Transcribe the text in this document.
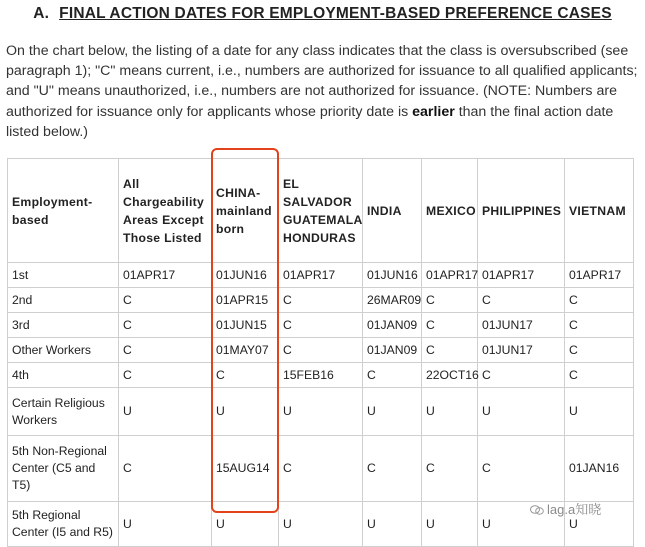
A. FINAL ACTION DATES FOR EMPLOYMENT-BASED PREFERENCE CASES

On the chart below, the listing of a date for any class indicates that the class is oversubscribed (see paragraph 1); "C" means current, i.e., numbers are authorized for issuance to all qualified applicants; and "U" means unauthorized, i.e., numbers are not authorized for issuance. (NOTE: Numbers are authorized for issuance only for applicants whose priority date is earlier than the final action date listed below.)

Employment-based	All Chargeability Areas Except Those Listed	CHINA-mainland born	EL SALVADOR GUATEMALA HONDURAS	INDIA	MEXICO	PHILIPPINES	VIETNAM
1st	01APR17	01JUN16	01APR17	01JUN16	01APR17	01APR17	01APR17
2nd	C	01APR15	C	26MAR09	C	C	C
3rd	C	01JUN15	C	01JAN09	C	01JUN17	C
Other Workers	C	01MAY07	C	01JAN09	C	01JUN17	C
4th	C	C	15FEB16	C	22OCT16	C	C
Certain Religious Workers	U	U	U	U	U	U	U
5th Non-Regional Center (C5 and T5)	C	15AUG14	C	C	C	C	01JAN16
5th Regional Center (I5 and R5)	U	U	U	U	U	U	U
lag.a知晓
